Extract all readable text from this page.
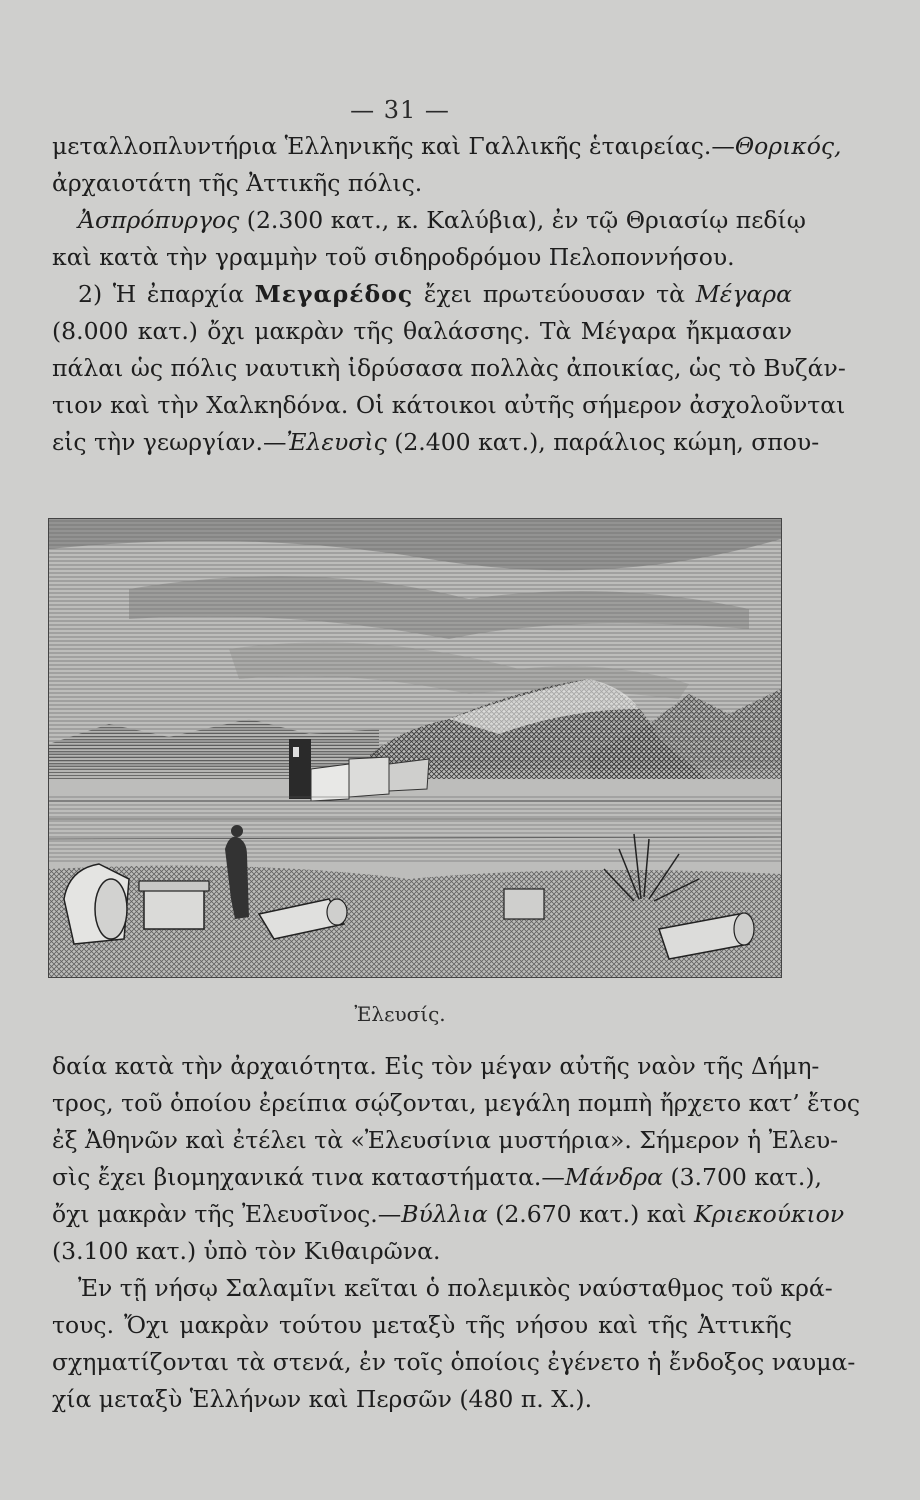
— 31 —
μεταλλοπλυντήρια Ἑλληνικῆς καὶ Γαλλικῆς ἑταιρείας.—Θορικός,
ἀρχαιοτάτη τῆς Ἀττικῆς πόλις.
Ἀσπρόπυργος (2.300 κατ., κ. Καλύβια), ἐν τῷ Θριασίῳ πεδίῳ
καὶ κατὰ τὴν γραμμὴν τοῦ σιδηροδρόμου Πελοποννήσου.
2) Ἡ ἐπαρχία Μεγαρέδος ἔχει πρωτεύουσαν τὰ Μέγαρα
(8.000 κατ.) ὄχι μακρὰν τῆς θαλάσσης. Τὰ Μέγαρα ἤκμασαν
πάλαι ὡς πόλις ναυτικὴ ἱδρύσασα πολλὰς ἀποικίας, ὡς τὸ Βυζάν-
τιον καὶ τὴν Χαλκηδόνα. Οἱ κάτοικοι αὐτῆς σήμερον ἀσχολοῦνται
εἰς τὴν γεωργίαν.—Ἐλευσὶς (2.400 κατ.), παράλιος κώμη, σπου-
Ἐλευσίς.
δαία κατὰ τὴν ἀρχαιότητα. Εἰς τὸν μέγαν αὐτῆς ναὸν τῆς Δήμη-
τρος, τοῦ ὁποίου ἐρείπια σῴζονται, μεγάλη πομπὴ ἤρχετο κατ’ ἔτος
ἐξ Ἀθηνῶν καὶ ἐτέλει τὰ «Ἐλευσίνια μυστήρια». Σήμερον ἡ Ἐλευ-
σὶς ἔχει βιομηχανικά τινα καταστήματα.—Μάνδρα (3.700 κατ.),
ὄχι μακρὰν τῆς Ἐλευσῖνος.—Βύλλια (2.670 κατ.) καὶ Κριεκούκιον
(3.100 κατ.) ὑπὸ τὸν Κιθαιρῶνα.
Ἐν τῇ νήσῳ Σαλαμῖνι κεῖται ὁ πολεμικὸς ναύσταθμος τοῦ κρά-
τους. Ὄχι μακρὰν τούτου μεταξὺ τῆς νήσου καὶ τῆς Ἀττικῆς
σχηματίζονται τὰ στενά, ἐν τοῖς ὁποίοις ἐγένετο ἡ ἔνδοξος ναυμα-
χία μεταξὺ Ἑλλήνων καὶ Περσῶν (480 π. Χ.).
